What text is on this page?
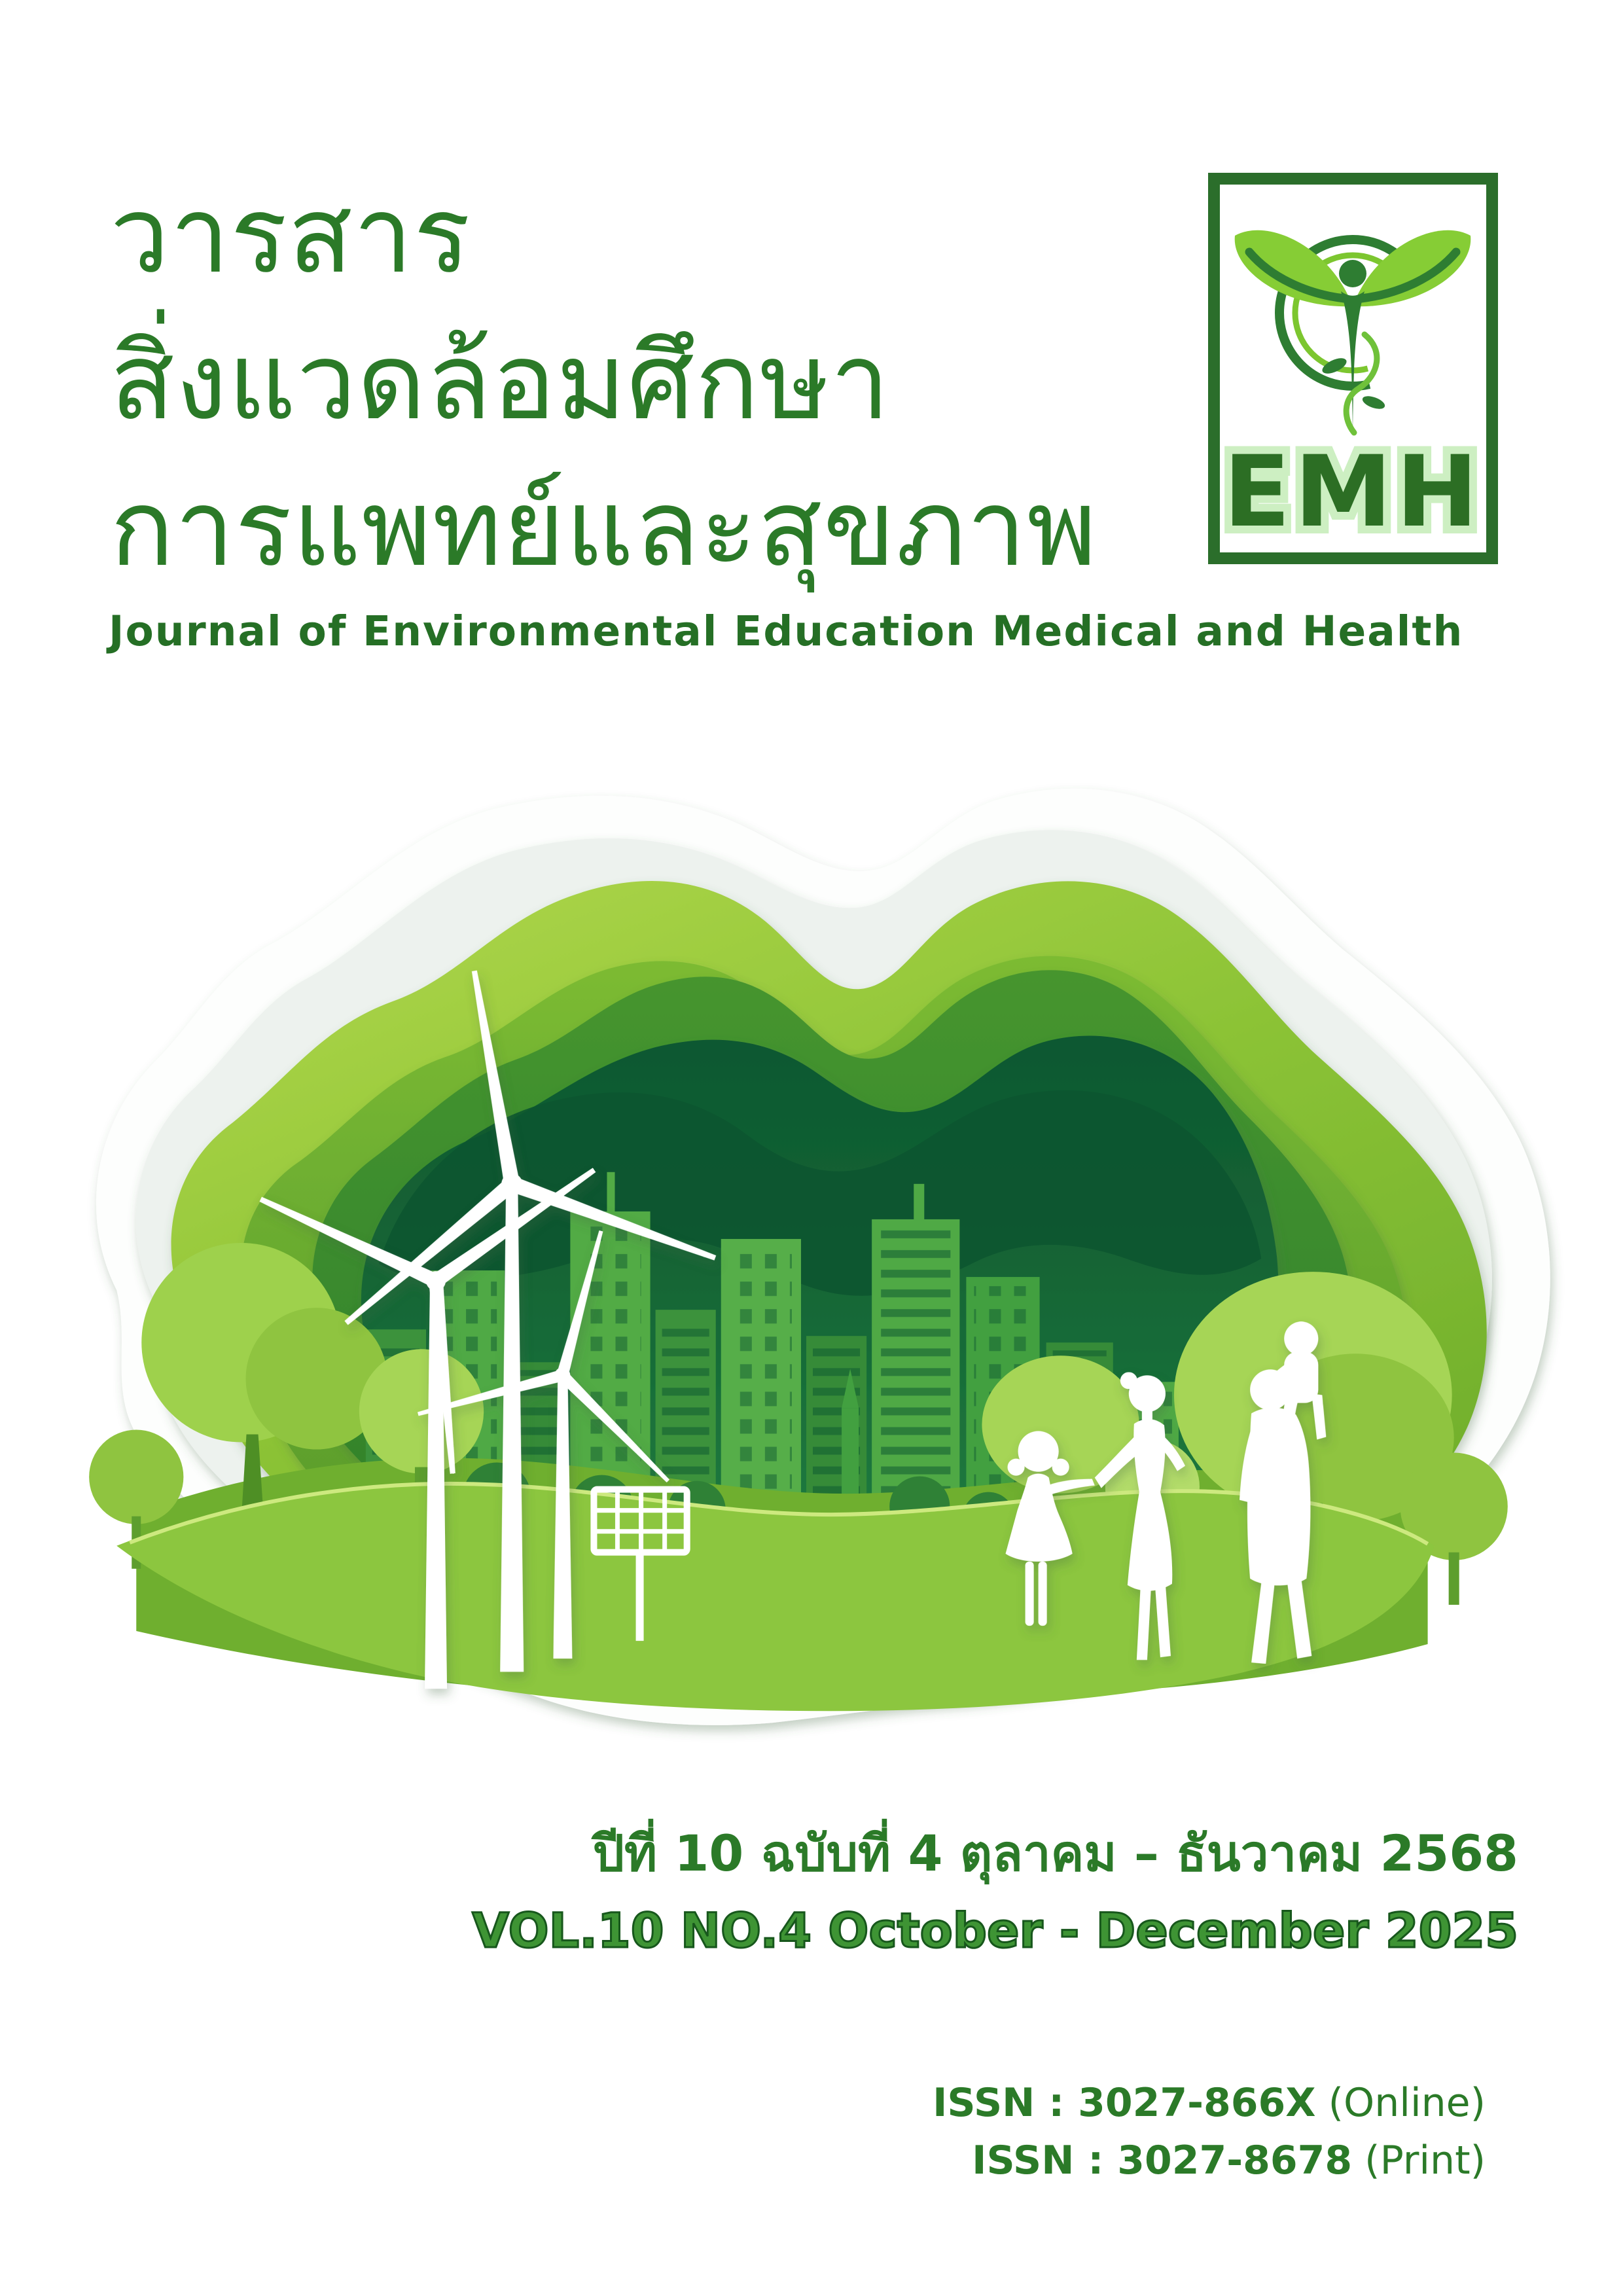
วารสาร
สิ่งแวดล้อมศึกษา
การแพทย์และสุขภาพ
Journal of Environmental Education Medical and Health
EMH
ปีที่ 10 ฉบับที่ 4 ตุลาคม – ธันวาคม 2568
VOL.10 NO.4 October - December 2025
ISSN : 3027-866X (Online)
ISSN : 3027-8678 (Print)
